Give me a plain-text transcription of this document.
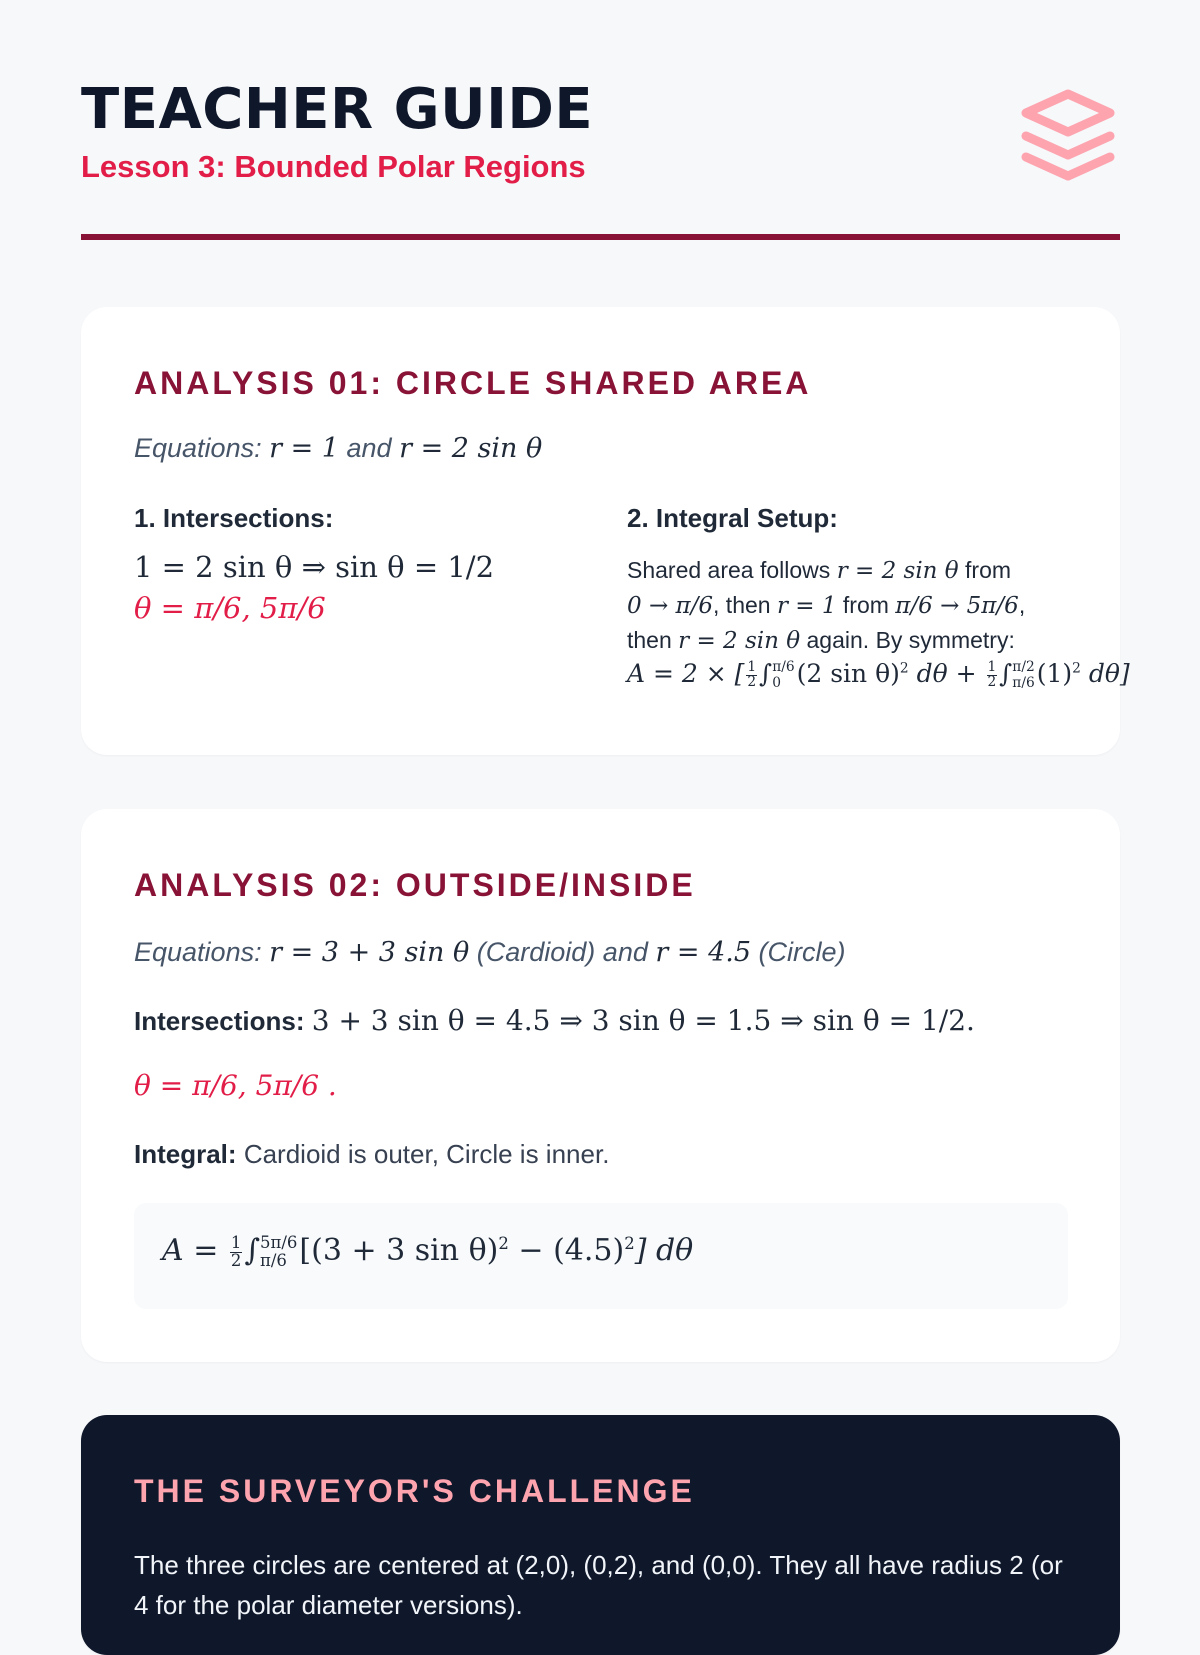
TEACHER GUIDE
Lesson 3: Bounded Polar Regions
ANALYSIS 01: CIRCLE SHARED AREA
Equations: r = 1 and r = 2 sin θ
1. Intersections:
1 = 2 sin θ ⇒ sin θ = 1/2
θ = π/6, 5π/6
2. Integral Setup:
Shared area follows r = 2 sin θ from
0 → π/6, then r = 1 from π/6 → 5π/6,
then r = 2 sin θ again. By symmetry:
A = 2 × [ $\frac{1}{2}$ ∫ π/6
0 (2 sin θ)$^2$ $d\theta + \frac{1}{2}$ ∫ π/2
π/6 $(1)^2$ dθ]
ANALYSIS 02: OUTSIDE/INSIDE
Equations: r = 3 + 3 sin θ (Cardioid) and r = 4.5 (Circle)
Intersections: 3 + 3 sin θ = 4.5 ⇒ 3 sin θ = 1.5 ⇒ sin θ = 1/2.
θ = π/6, 5π/6 .
Integral: Cardioid is outer, Circle is inner.
$A = \frac{1}{2}$ ∫ 5π/6
π/6 [(3 + 3 $\sin \theta)^2 - (4.5)^2$] dθ
THE SURVEYOR'S CHALLENGE

The three circles are centered at (2,0), (0,2), and (0,0). They all have radius 2 (or 4 for the polar diameter versions).
